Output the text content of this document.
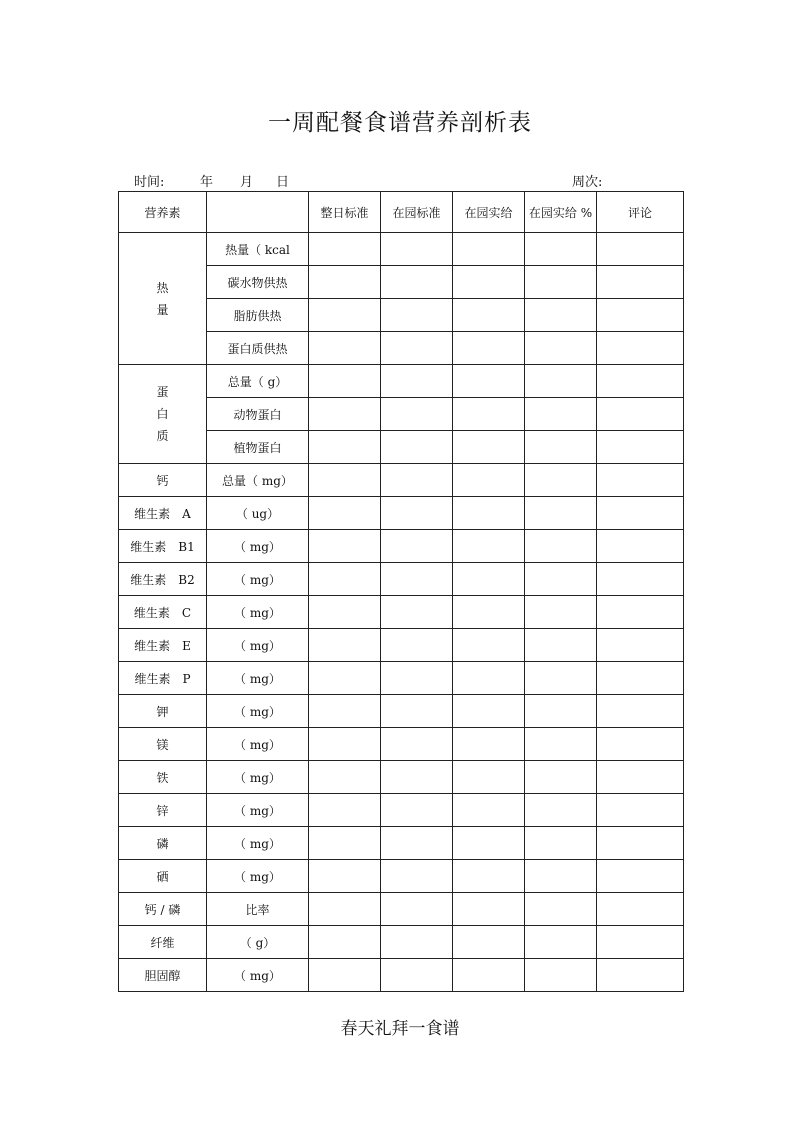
一周配餐食谱营养剖析表
时间:	年 月 日	周次:
营养素		整日标准	在园标准	在园实给	在园实给 %	评论

热
量	热量（ kcal					
	碳水物供热					
	脂肪供热					
	蛋白质供热					

蛋
白
质	总量（ g）					
	动物蛋白					
	植物蛋白					
钙	总量（ mg）					
维生素　A	（ ug）					
维生素　B1	（ mg）					
维生素　B2	（ mg）					
维生素　C	（ mg）					
维生素　E	（ mg）					
维生素　P	（ mg）					
钾	（ mg）					
镁	（ mg）					
铁	（ mg）					
锌	（ mg）					
磷	（ mg）					
硒	（ mg）					
钙 / 磷	比率					
纤维	（ g）					
胆固醇	（ mg）					
春天礼拜一食谱
